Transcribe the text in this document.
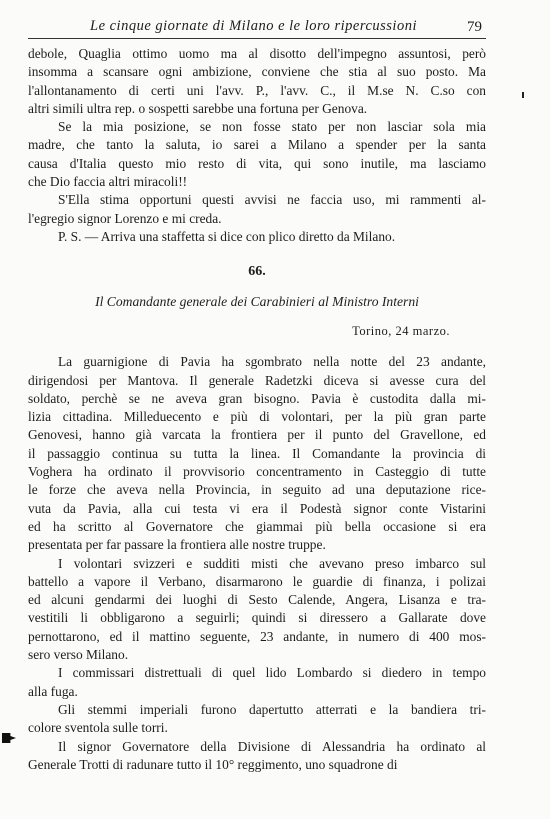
Le cinque giornate di Milano e le loro ripercussioni	79

debole, Quaglia ottimo uomo ma al disotto dell'impegno assuntosi, però
insomma a scansare ogni ambizione, conviene che stia al suo posto. Ma
l'allontanamento di certi uni l'avv. P., l'avv. C., il M.se N. C.so con
altri simili ultra rep. o sospetti sarebbe una fortuna per Genova.

Se la mia posizione, se non fosse stato per non lasciar sola mia
madre, che tanto la saluta, io sarei a Milano a spender per la santa
causa d'Italia questo mio resto di vita, qui sono inutile, ma lasciamo
che Dio faccia altri miracoli!!

S'Ella stima opportuni questi avvisi ne faccia uso, mi rammenti al-
l'egregio signor Lorenzo e mi creda.

P. S. — Arriva una staffetta si dice con plico diretto da Milano.

66.
Il Comandante generale dei Carabinieri al Ministro Interni
Torino, 24 marzo.

La guarnigione di Pavia ha sgombrato nella notte del 23 andante,
dirigendosi per Mantova. Il generale Radetzki diceva si avesse cura del
soldato, perchè se ne aveva gran bisogno. Pavia è custodita dalla mi-
lizia cittadina. Milleduecento e più di volontari, per la più gran parte
Genovesi, hanno già varcata la frontiera per il punto del Gravellone, ed
il passaggio continua su tutta la linea. Il Comandante la provincia di
Voghera ha ordinato il provvisorio concentramento in Casteggio di tutte
le forze che aveva nella Provincia, in seguito ad una deputazione rice-
vuta da Pavia, alla cui testa vi era il Podestà signor conte Vistarini
ed ha scritto al Governatore che giammai più bella occasione si era
presentata per far passare la frontiera alle nostre truppe.

I volontari svizzeri e sudditi misti che avevano preso imbarco sul
battello a vapore il Verbano, disarmarono le guardie di finanza, i polizai
ed alcuni gendarmi dei luoghi di Sesto Calende, Angera, Lisanza e tra-
vestitili li obbligarono a seguirli; quindi si diressero a Gallarate dove
pernottarono, ed il mattino seguente, 23 andante, in numero di 400 mos-
sero verso Milano.

I commissari distrettuali di quel lido Lombardo si diedero in tempo
alla fuga.

Gli stemmi imperiali furono dapertutto atterrati e la bandiera tri-
colore sventola sulle torri.

Il signor Governatore della Divisione di Alessandria ha ordinato al
Generale Trotti di radunare tutto il 10° reggimento, uno squadrone di
